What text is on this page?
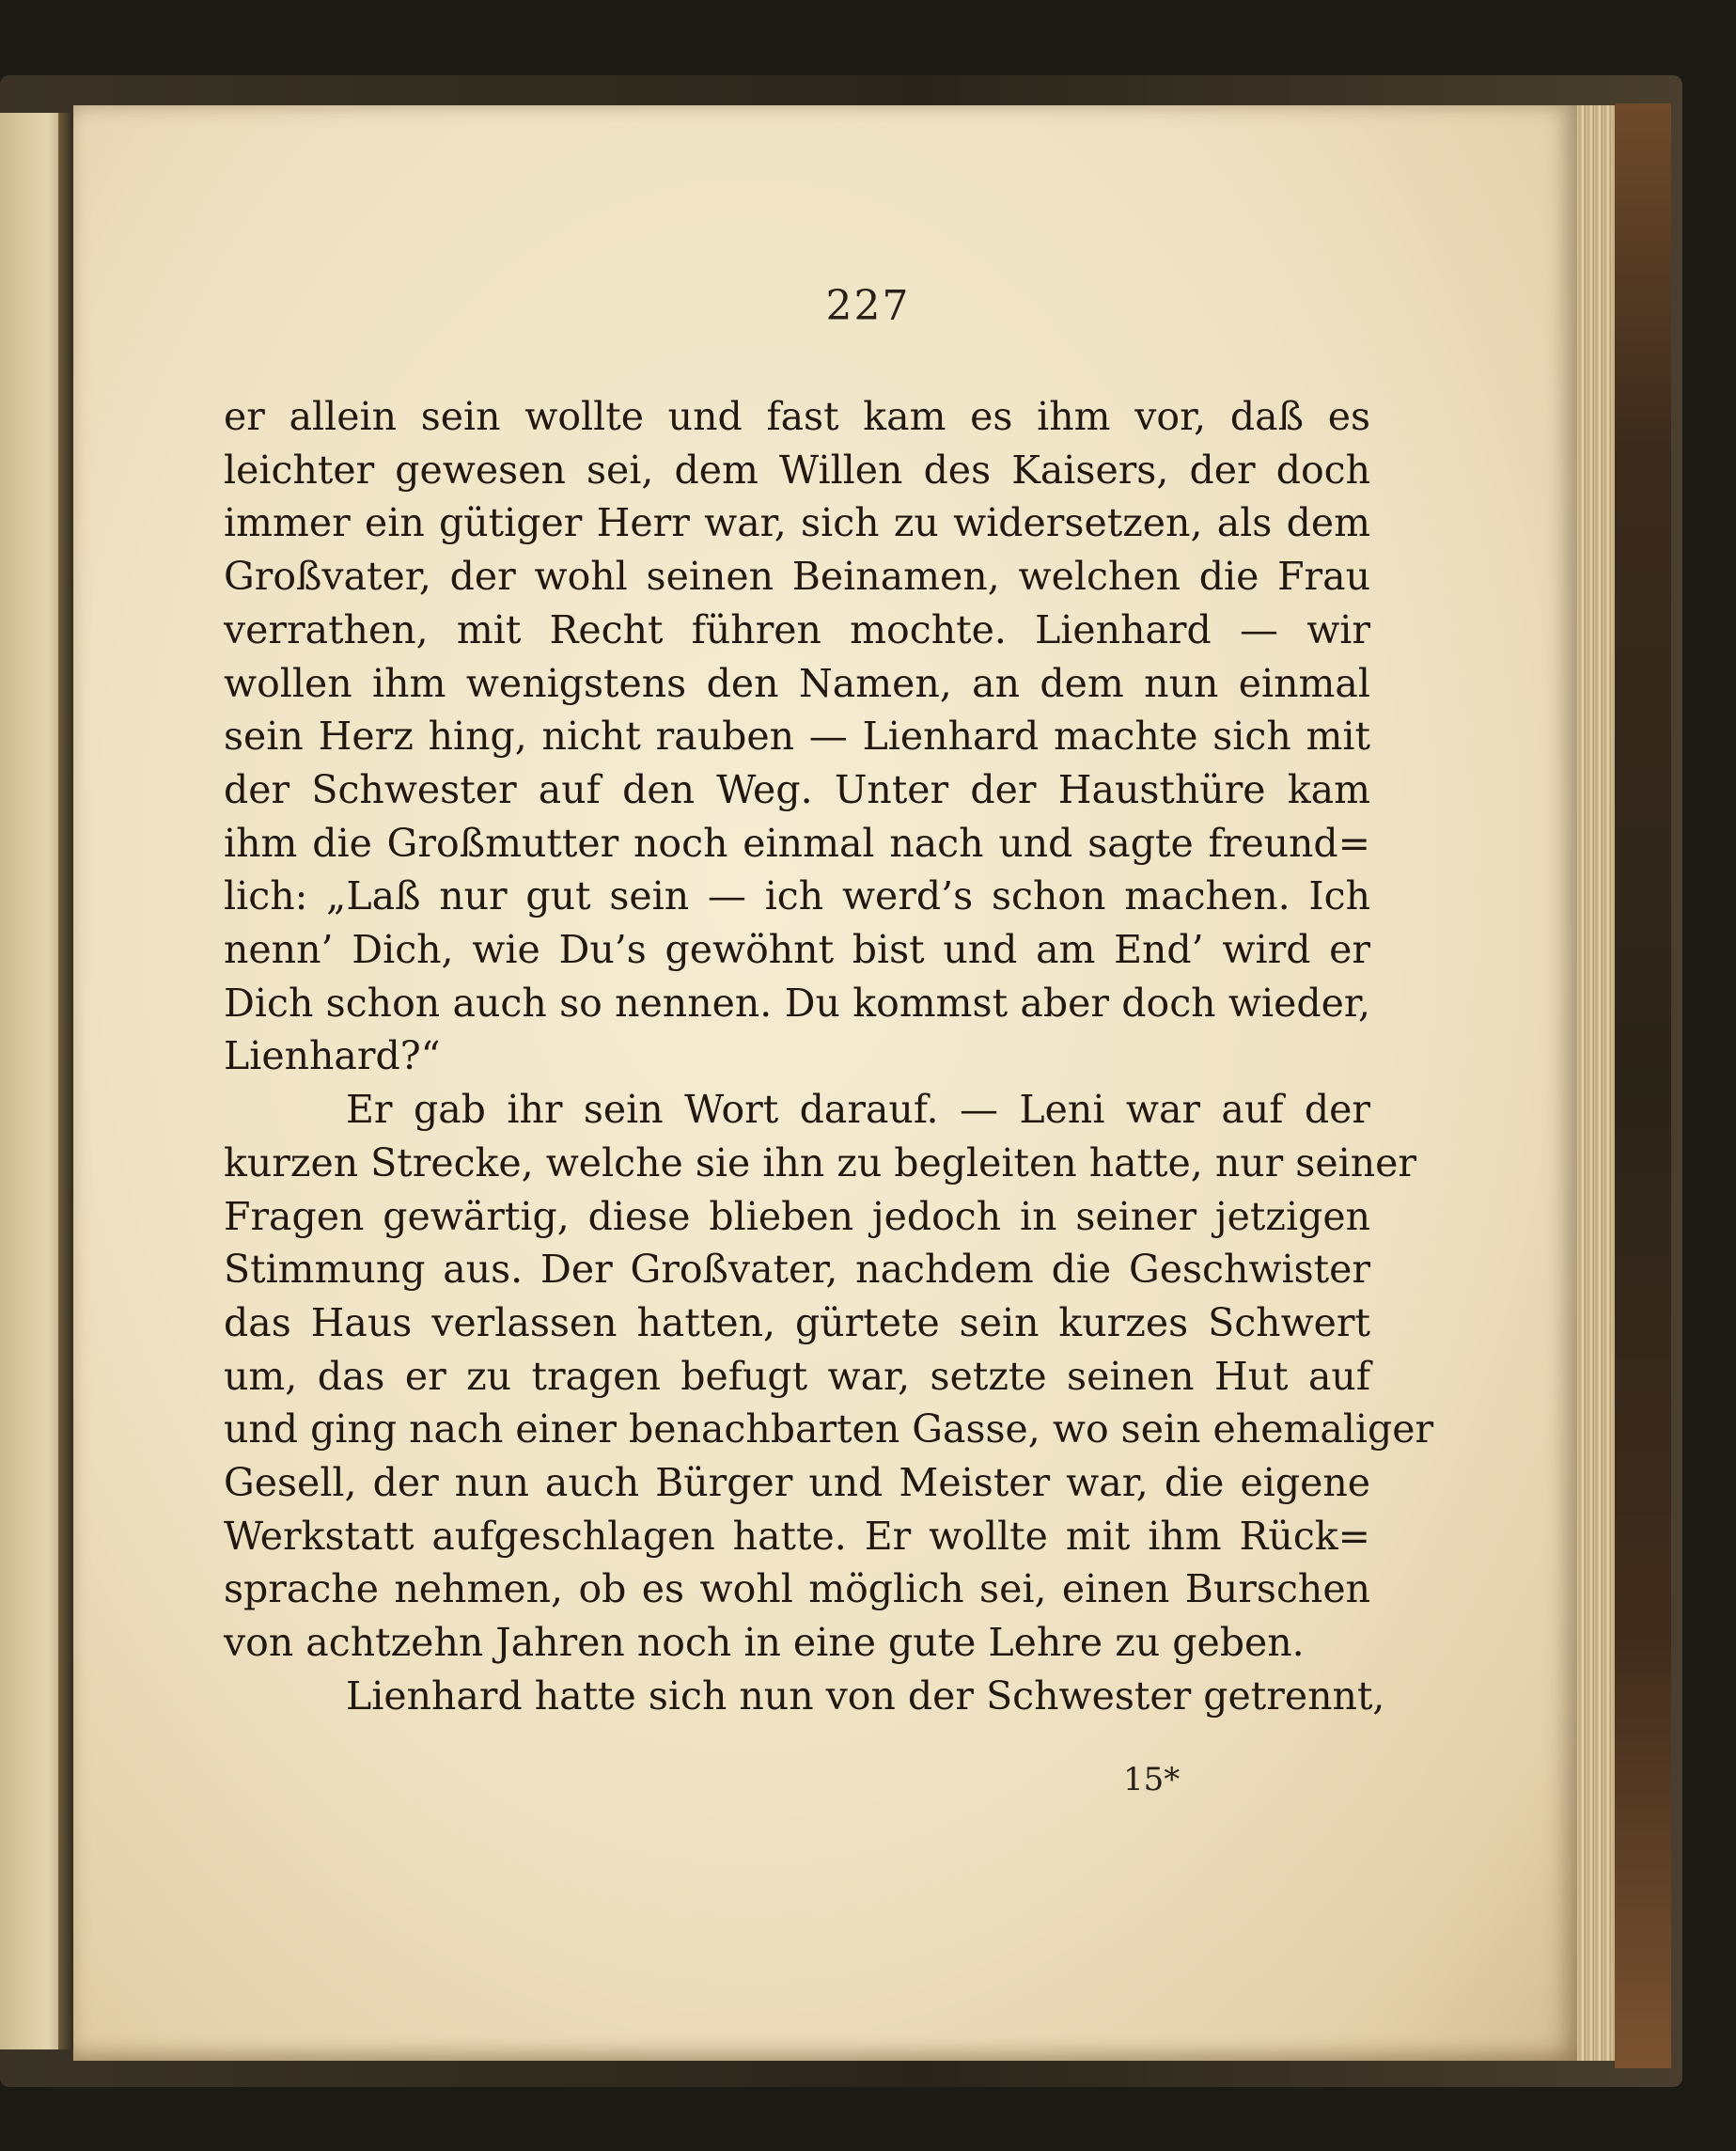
227
er allein sein wollte und fast kam es ihm vor, daß es
leichter gewesen sei, dem Willen des Kaisers, der doch
immer ein gütiger Herr war, sich zu widersetzen, als dem
Großvater, der wohl seinen Beinamen, welchen die Frau
verrathen, mit Recht führen mochte. Lienhard — wir
wollen ihm wenigstens den Namen, an dem nun einmal
sein Herz hing, nicht rauben — Lienhard machte sich mit
der Schwester auf den Weg. Unter der Hausthüre kam
ihm die Großmutter noch einmal nach und sagte freund=
lich: „Laß nur gut sein — ich werd’s schon machen. Ich
nenn’ Dich, wie Du’s gewöhnt bist und am End’ wird er
Dich schon auch so nennen. Du kommst aber doch wieder,
Lienhard?“
Er gab ihr sein Wort darauf. — Leni war auf der
kurzen Strecke, welche sie ihn zu begleiten hatte, nur seiner
Fragen gewärtig, diese blieben jedoch in seiner jetzigen
Stimmung aus. Der Großvater, nachdem die Geschwister
das Haus verlassen hatten, gürtete sein kurzes Schwert
um, das er zu tragen befugt war, setzte seinen Hut auf
und ging nach einer benachbarten Gasse, wo sein ehemaliger
Gesell, der nun auch Bürger und Meister war, die eigene
Werkstatt aufgeschlagen hatte. Er wollte mit ihm Rück=
sprache nehmen, ob es wohl möglich sei, einen Burschen
von achtzehn Jahren noch in eine gute Lehre zu geben.
Lienhard hatte sich nun von der Schwester getrennt,
15*
